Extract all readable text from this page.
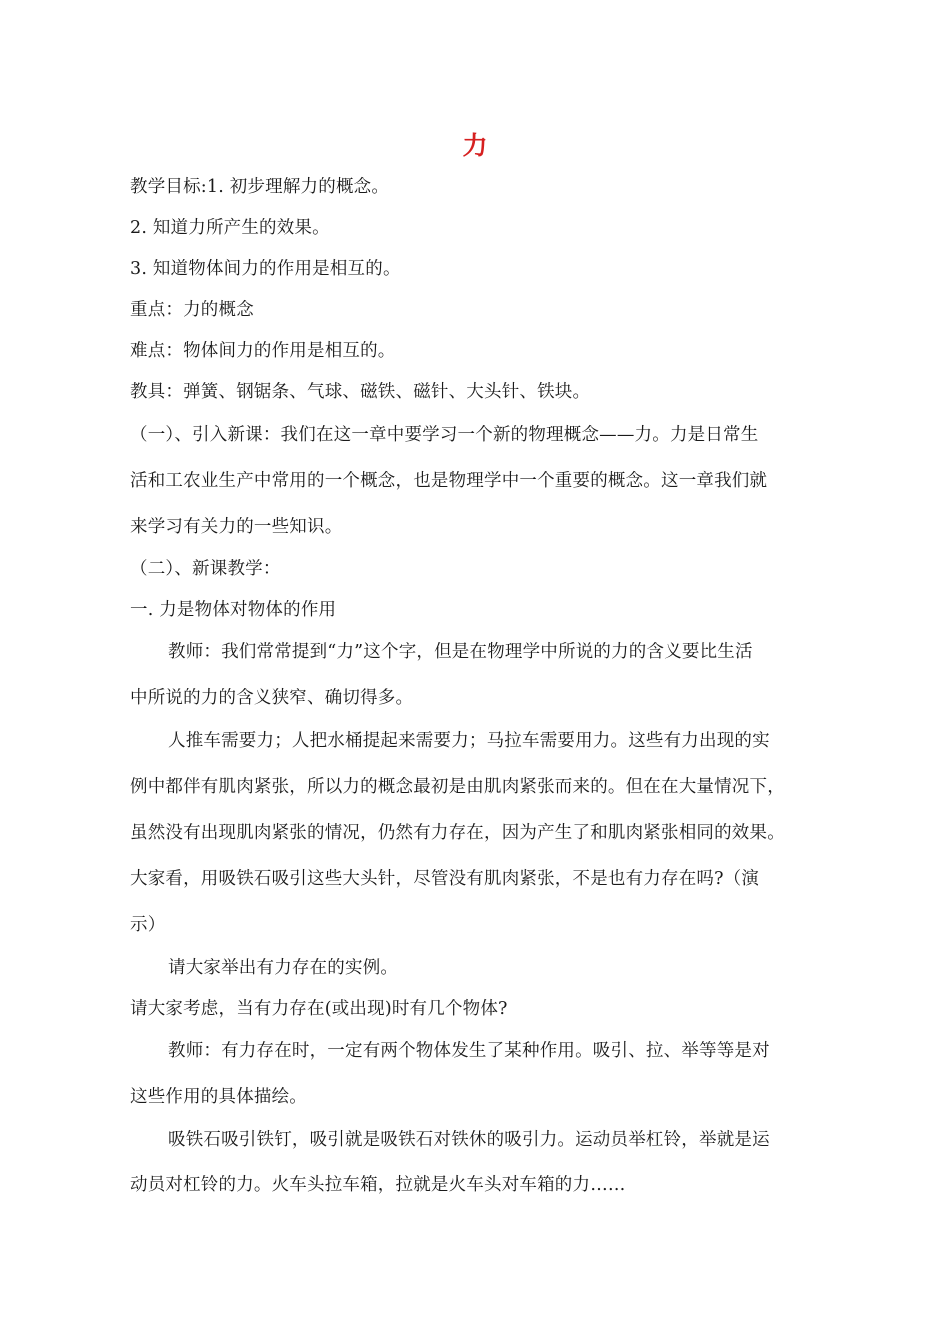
力
教学目标:1. 初步理解力的概念。
2. 知道力所产生的效果。
3. 知道物体间力的作用是相互的。
重点：力的概念
难点：物体间力的作用是相互的。
教具：弹簧、钢锯条、气球、磁铁、磁针、大头针、铁块。
（一）、引入新课：我们在这一章中要学习一个新的物理概念——力。力是日常生
活和工农业生产中常用的一个概念，也是物理学中一个重要的概念。这一章我们就
来学习有关力的一些知识。
（二）、新课教学：
一. 力是物体对物体的作用
教师：我们常常提到“力”这个字，但是在物理学中所说的力的含义要比生活
中所说的力的含义狭窄、确切得多。
人推车需要力；人把水桶提起来需要力；马拉车需要用力。这些有力出现的实
例中都伴有肌肉紧张，所以力的概念最初是由肌肉紧张而来的。但在在大量情况下，
虽然没有出现肌肉紧张的情况，仍然有力存在，因为产生了和肌肉紧张相同的效果。
大家看，用吸铁石吸引这些大头针，尽管没有肌肉紧张，不是也有力存在吗?（演
示）
请大家举出有力存在的实例。
请大家考虑，当有力存在(或出现)时有几个物体?
教师：有力存在时，一定有两个物体发生了某种作用。吸引、拉、举等等是对
这些作用的具体描绘。
吸铁石吸引铁钉，吸引就是吸铁石对铁休的吸引力。运动员举杠铃，举就是运
动员对杠铃的力。火车头拉车箱，拉就是火车头对车箱的力……
